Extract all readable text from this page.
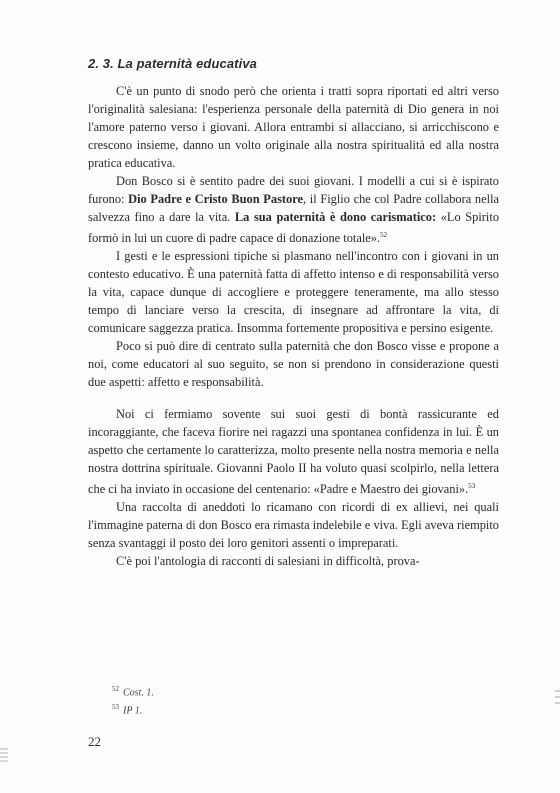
2. 3. La paternità educativa

C'è un punto di snodo però che orienta i tratti sopra riportati ed altri verso l'originalità salesiana: l'esperienza personale della paternità di Dio genera in noi l'amore paterno verso i giovani. Allora entrambi si allacciano, si arricchiscono e crescono insieme, danno un volto originale alla nostra spiritualità ed alla nostra pratica educativa.

Don Bosco si è sentito padre dei suoi giovani. I modelli a cui si è ispirato furono: Dio Padre e Cristo Buon Pastore, il Figlio che col Padre collabora nella salvezza fino a dare la vita. La sua paternità è dono carismatico: «Lo Spirito formò in lui un cuore di padre capace di donazione totale».$^{52}$

I gesti e le espressioni tipiche si plasmano nell'incontro con i giovani in un contesto educativo. È una paternità fatta di affetto intenso e di responsabilità verso la vita, capace dunque di accogliere e proteggere teneramente, ma allo stesso tempo di lanciare verso la crescita, di insegnare ad affrontare la vita, di comunicare saggezza pratica. Insomma fortemente propositiva e persino esigente.

Poco si può dire di centrato sulla paternità che don Bosco visse e propone a noi, come educatori al suo seguito, se non si prendono in considerazione questi due aspetti: affetto e responsabilità.

Noi ci fermiamo sovente sui suoi gesti di bontà rassicurante ed incoraggiante, che faceva fiorire nei ragazzi una spontanea confidenza in lui. È un aspetto che certamente lo caratterizza, molto presente nella nostra memoria e nella nostra dottrina spirituale. Giovanni Paolo II ha voluto quasi scolpirlo, nella lettera che ci ha inviato in occasione del centenario: «Padre e Maestro dei giovani».$^{53}$

Una raccolta di aneddoti lo ricamano con ricordi di ex allievi, nei quali l'immagine paterna di don Bosco era rimasta indelebile e viva. Egli aveva riempito senza svantaggi il posto dei loro genitori assenti o impreparati.

C'è poi l'antologia di racconti di salesiani in difficoltà, prova-

$^{52}$ Cost. 1.
$^{53}$ IP 1.
22
